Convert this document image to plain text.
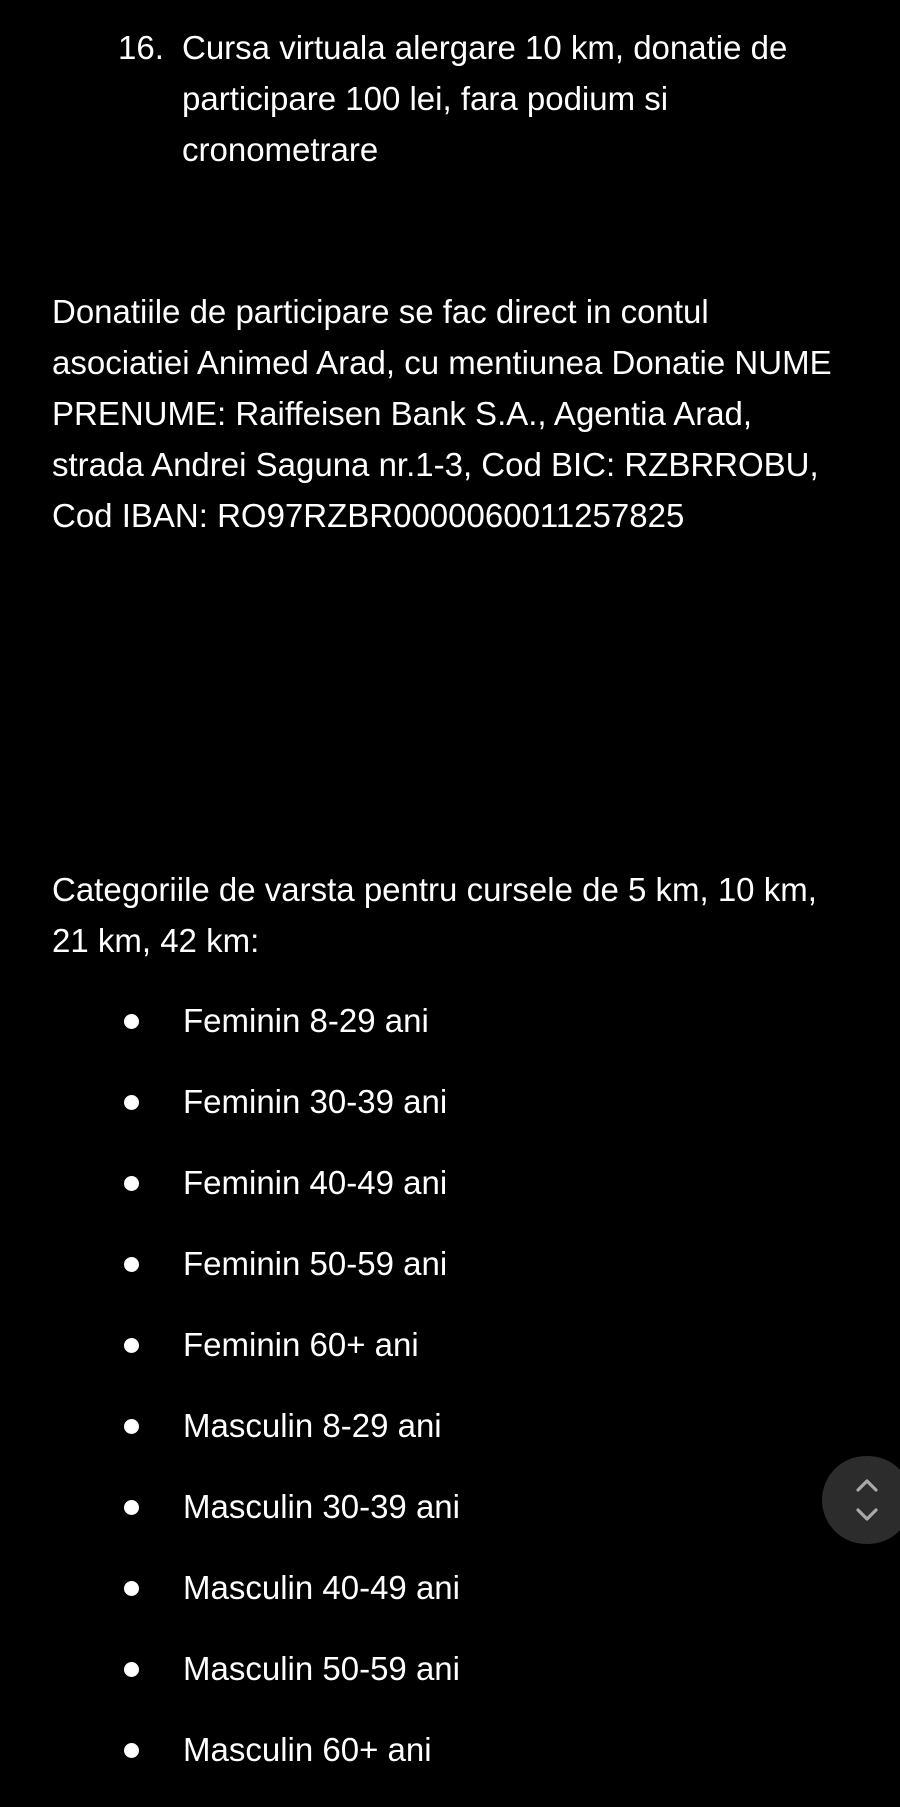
16. Cursa virtuala alergare 10 km, donatie de participare 100 lei, fara podium si cronometrare

Donatiile de participare se fac direct in contul asociatiei Animed Arad, cu mentiunea Donatie NUME PRENUME: Raiffeisen Bank S.A., Agentia Arad, strada Andrei Saguna nr.1-3, Cod BIC: RZBRROBU, Cod IBAN: RO97RZBR0000060011257825

Categoriile de varsta pentru cursele de 5 km, 10 km, 21 km, 42 km:

Feminin 8-29 ani
Feminin 30-39 ani
Feminin 40-49 ani
Feminin 50-59 ani
Feminin 60+ ani
Masculin 8-29 ani
Masculin 30-39 ani
Masculin 40-49 ani
Masculin 50-59 ani
Masculin 60+ ani
